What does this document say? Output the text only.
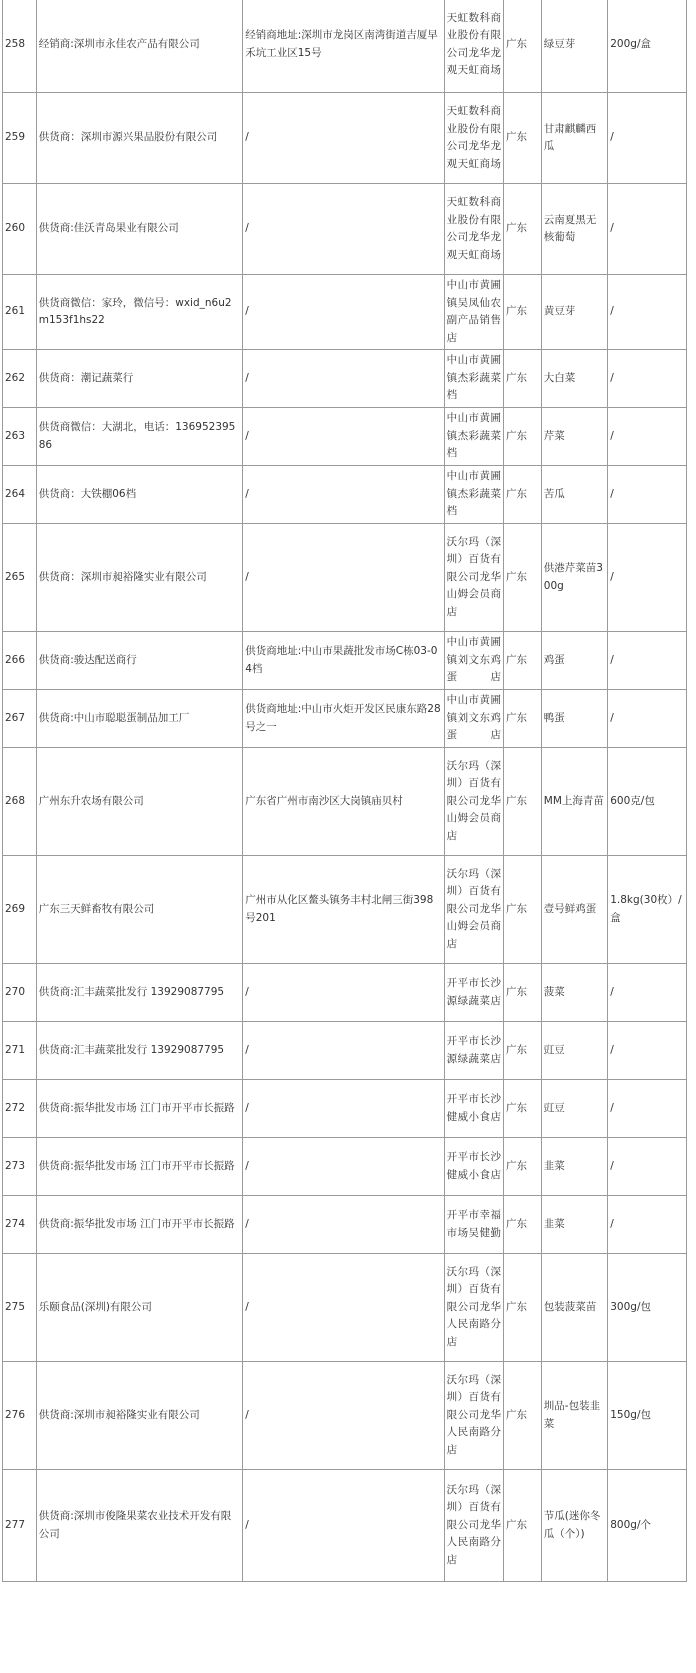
258	经销商:深圳市永佳农产品有限公司	经销商地址:深圳市龙岗区南湾街道吉厦早禾坑工业区15号	天虹数科商业股份有限公司龙华龙观天虹商场	广东	绿豆芽	200g/盒
259	供货商：深圳市源兴果品股份有限公司	/	天虹数科商业股份有限公司龙华龙观天虹商场	广东	甘肃麒麟西瓜	/
260	供货商:佳沃青岛果业有限公司	/	天虹数科商业股份有限公司龙华龙观天虹商场	广东	云南夏黑无核葡萄	/
261	供货商微信：家玲，微信号：wxid_n6u2m153f1hs22	/	中山市黄圃镇吴凤仙农副产品销售店	广东	黄豆芽	/
262	供货商：潮记蔬菜行	/	中山市黄圃镇杰彩蔬菜档	广东	大白菜	/
263	供货商微信：大湖北，电话：13695239586	/	中山市黄圃镇杰彩蔬菜档	广东	芹菜	/
264	供货商：大铁棚06档	/	中山市黄圃镇杰彩蔬菜档	广东	苦瓜	/
265	供货商：深圳市昶裕隆实业有限公司	/	沃尔玛（深圳）百货有限公司龙华山姆会员商店	广东	供港芹菜苗300g	/
266	供货商:骏达配送商行	供货商地址:中山市果蔬批发市场C栋03-04档	中山市黄圃镇刘文东鸡蛋店	广东	鸡蛋	/
267	供货商:中山市聪聪蛋制品加工厂	供货商地址:中山市火炬开发区民康东路28号之一	中山市黄圃镇刘文东鸡蛋店	广东	鸭蛋	/
268	广州东升农场有限公司	广东省广州市南沙区大岗镇庙贝村	沃尔玛（深圳）百货有限公司龙华山姆会员商店	广东	MM上海青苗	600克/包
269	广东三天鲜畜牧有限公司	广州市从化区鳌头镇务丰村北闸三街398号201	沃尔玛（深圳）百货有限公司龙华山姆会员商店	广东	壹号鲜鸡蛋	1.8kg(30枚）/盒
270	供货商:汇丰蔬菜批发行 13929087795	/	开平市长沙源绿蔬菜店	广东	菠菜	/
271	供货商:汇丰蔬菜批发行 13929087795	/	开平市长沙源绿蔬菜店	广东	豇豆	/
272	供货商:振华批发市场 江门市开平市长振路	/	开平市长沙健威小食店	广东	豇豆	/
273	供货商:振华批发市场 江门市开平市长振路	/	开平市长沙健威小食店	广东	韭菜	/
274	供货商:振华批发市场 江门市开平市长振路	/	开平市幸福市场吴健勤	广东	韭菜	/
275	乐颐食品(深圳)有限公司	/	沃尔玛（深圳）百货有限公司龙华人民南路分店	广东	包装菠菜苗	300g/包
276	供货商:深圳市昶裕隆实业有限公司	/	沃尔玛（深圳）百货有限公司龙华人民南路分店	广东	圳品-包装韭菜	150g/包
277	供货商:深圳市俊隆果菜农业技术开发有限公司	/	沃尔玛（深圳）百货有限公司龙华人民南路分店	广东	节瓜(迷你冬瓜（个）)	800g/个
